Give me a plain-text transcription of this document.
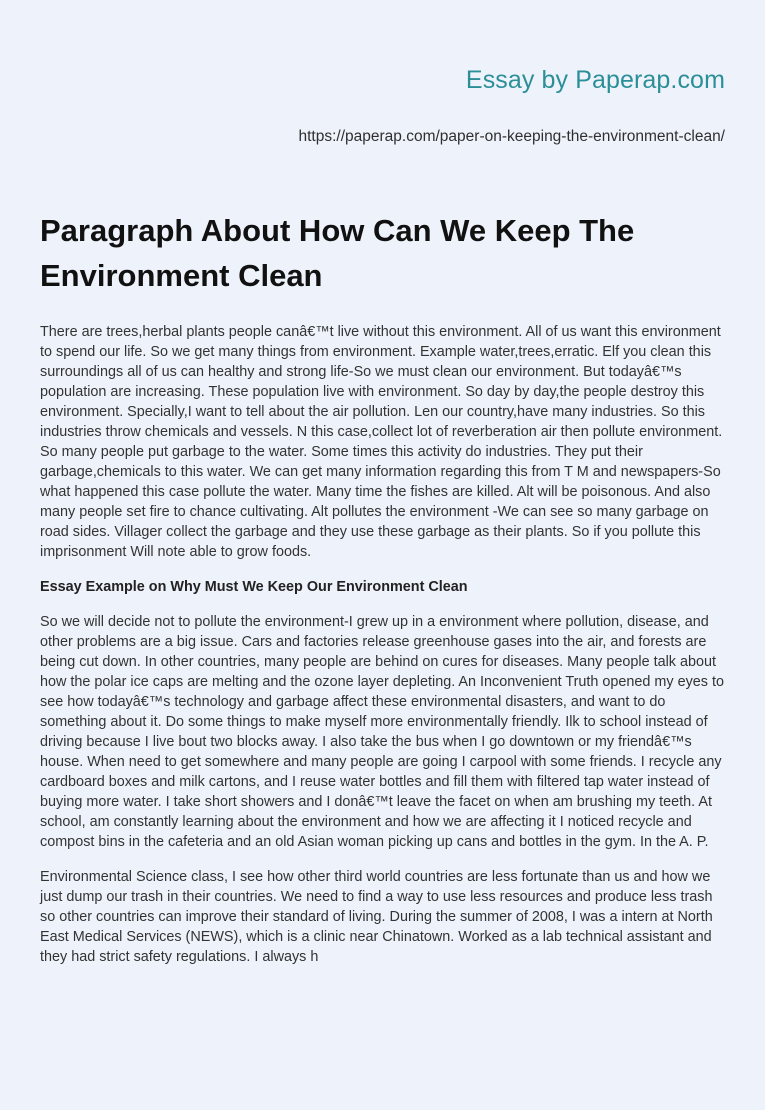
Essay by Paperap.com
https://paperap.com/paper-on-keeping-the-environment-clean/
Paragraph About How Can We Keep The Environment Clean

There are trees,herbal plants people canâ€™t live without this environment. All of us want this environment to spend our life. So we get many things from environment. Example water,trees,erratic. Elf you clean this surroundings all of us can healthy and strong life-So we must clean our environment. But todayâ€™s population are increasing. These population live with environment. So day by day,the people destroy this environment. Specially,I want to tell about the air pollution. Len our country,have many industries. So this industries throw chemicals and vessels. N this case,collect lot of reverberation air then pollute environment. So many people put garbage to the water. Some times this activity do industries. They put their garbage,chemicals to this water. We can get many information regarding this from T M and newspapers-So what happened this case pollute the water. Many time the fishes are killed. Alt will be poisonous. And also many people set fire to chance cultivating. Alt pollutes the environment -We can see so many garbage on road sides. Villager collect the garbage and they use these garbage as their plants. So if you pollute this imprisonment Will note able to grow foods.

Essay Example on Why Must We Keep Our Environment Clean

So we will decide not to pollute the environment-I grew up in a environment where pollution, disease, and other problems are a big issue. Cars and factories release greenhouse gases into the air, and forests are being cut down. In other countries, many people are behind on cures for diseases. Many people talk about how the polar ice caps are melting and the ozone layer depleting. An Inconvenient Truth opened my eyes to see how todayâ€™s technology and garbage affect these environmental disasters, and want to do something about it. Do some things to make myself more environmentally friendly. Ilk to school instead of driving because I live bout two blocks away. I also take the bus when I go downtown or my friendâ€™s house. When need to get somewhere and many people are going I carpool with some friends. I recycle any cardboard boxes and milk cartons, and I reuse water bottles and fill them with filtered tap water instead of buying more water. I take short showers and I donâ€™t leave the facet on when am brushing my teeth. At school, am constantly learning about the environment and how we are affecting it I noticed recycle and compost bins in the cafeteria and an old Asian woman picking up cans and bottles in the gym. In the A. P.

Environmental Science class, I see how other third world countries are less fortunate than us and how we just dump our trash in their countries. We need to find a way to use less resources and produce less trash so other countries can improve their standard of living. During the summer of 2008, I was a intern at North East Medical Services (NEWS), which is a clinic near Chinatown. Worked as a lab technical assistant and they had strict safety regulations. I always h
